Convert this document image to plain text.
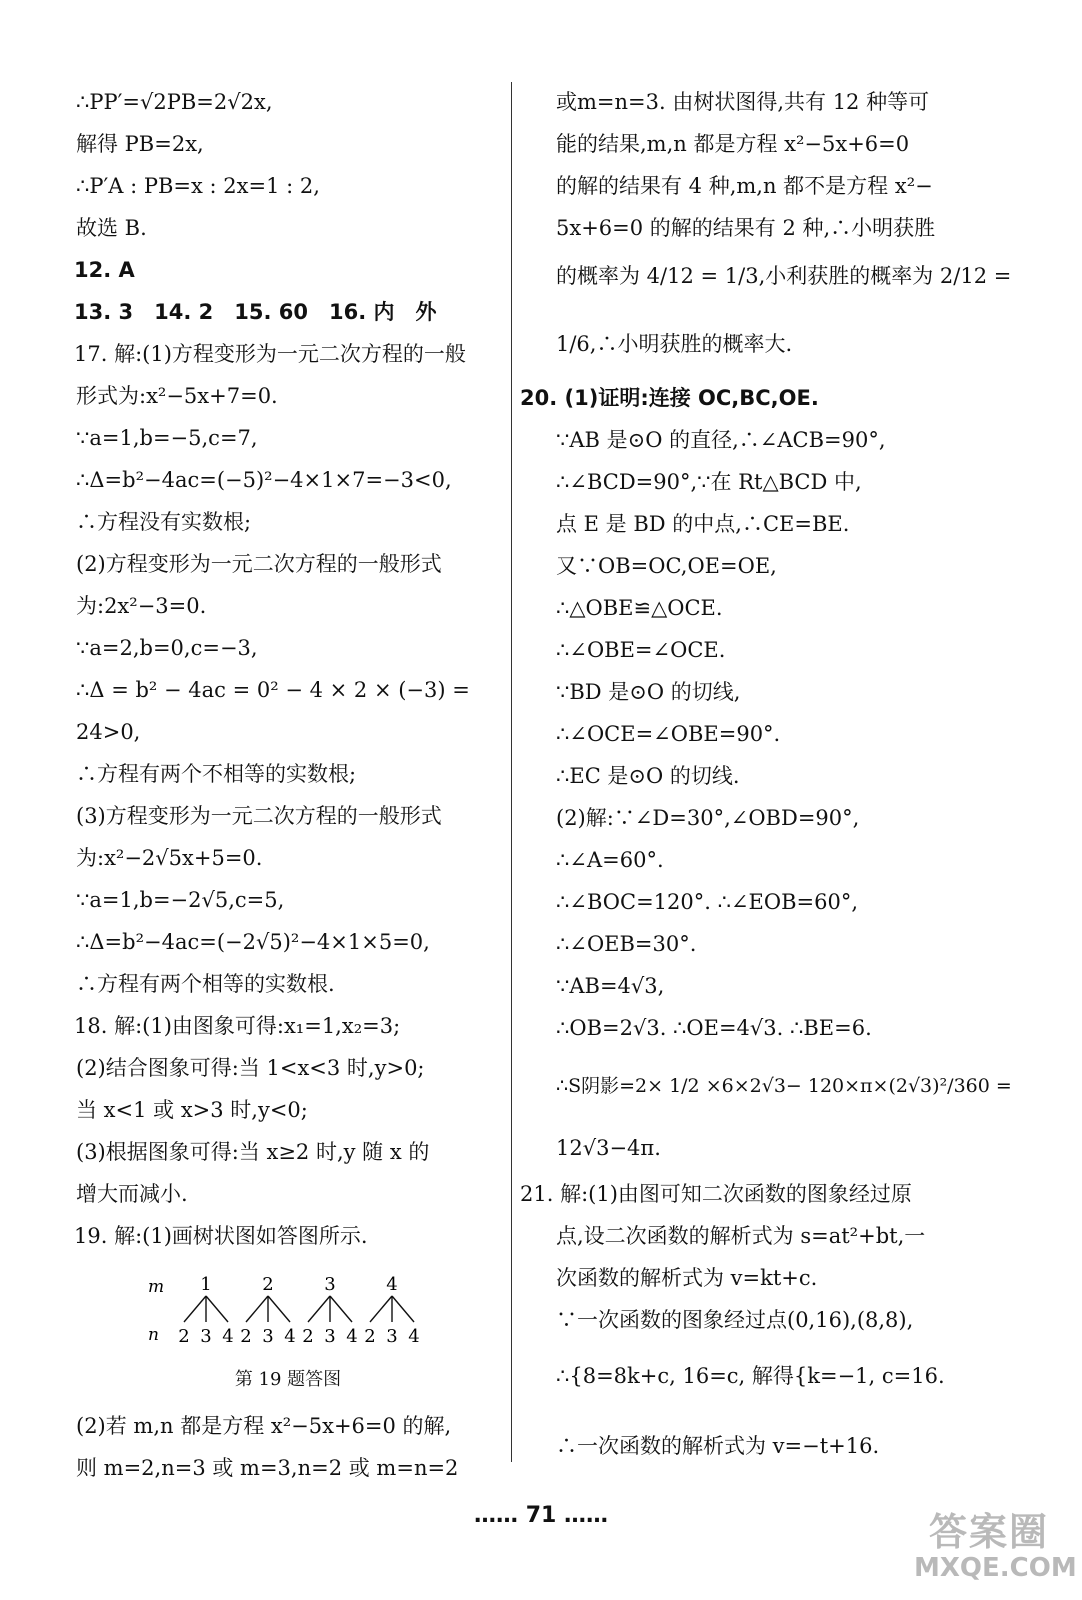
∴PP′=√2PB=2√2x,
解得 PB=2x,
∴P′A : PB=x : 2x=1 : 2,
故选 B.
12. A
13. 3　14. 2　15. 60　16. 内　外
17. 解:(1)方程变形为一元二次方程的一般
形式为:x²−5x+7=0.
∵a=1,b=−5,c=7,
∴Δ=b²−4ac=(−5)²−4×1×7=−3<0,
∴方程没有实数根;
(2)方程变形为一元二次方程的一般形式
为:2x²−3=0.
∵a=2,b=0,c=−3,
∴Δ = b² − 4ac = 0² − 4 × 2 × (−3) =
24>0,
∴方程有两个不相等的实数根;
(3)方程变形为一元二次方程的一般形式
为:x²−2√5x+5=0.
∵a=1,b=−2√5,c=5,
∴Δ=b²−4ac=(−2√5)²−4×1×5=0,
∴方程有两个相等的实数根.
18. 解:(1)由图象可得:x₁=1,x₂=3;
(2)结合图象可得:当 1<x<3 时,y>0;
当 x<1 或 x>3 时,y<0;
(3)根据图象可得:当 x≥2 时,y 随 x 的
增大而减小.
19. 解:(1)画树状图如答图所示.
m
n
1	2	3	4
2 3 4 2 3 4 2 3 4 2 3 4
第 19 题答图
(2)若 m,n 都是方程 x²−5x+6=0 的解,
则 m=2,n=3 或 m=3,n=2 或 m=n=2
或m=n=3. 由树状图得,共有 12 种等可
能的结果,m,n 都是方程 x²−5x+6=0
的解的结果有 4 种,m,n 都不是方程 x²−
5x+6=0 的解的结果有 2 种,∴小明获胜
的概率为 4/12 = 1/3,小利获胜的概率为 2/12 =
1/6,∴小明获胜的概率大.
20. (1)证明:连接 OC,BC,OE.
∵AB 是⊙O 的直径,∴∠ACB=90°,
∴∠BCD=90°,∵在 Rt△BCD 中,
点 E 是 BD 的中点,∴CE=BE.
又∵OB=OC,OE=OE,
∴△OBE≌△OCE.
∴∠OBE=∠OCE.
∵BD 是⊙O 的切线,
∴∠OCE=∠OBE=90°.
∴EC 是⊙O 的切线.
(2)解:∵∠D=30°,∠OBD=90°,
∴∠A=60°.
∴∠BOC=120°. ∴∠EOB=60°,
∴∠OEB=30°.
∵AB=4√3,
∴OB=2√3. ∴OE=4√3. ∴BE=6.
∴S阴影=2× 1/2 ×6×2√3− 120×π×(2√3)²/360 =
12√3−4π.
21. 解:(1)由图可知二次函数的图象经过原
点,设二次函数的解析式为 s=at²+bt,一
次函数的解析式为 v=kt+c.
∵一次函数的图象经过点(0,16),(8,8),
∴{8=8k+c, 16=c, 解得{k=−1, c=16.
∴一次函数的解析式为 v=−t+16.
…… 71 ……	答案圈
MXQE.COM
